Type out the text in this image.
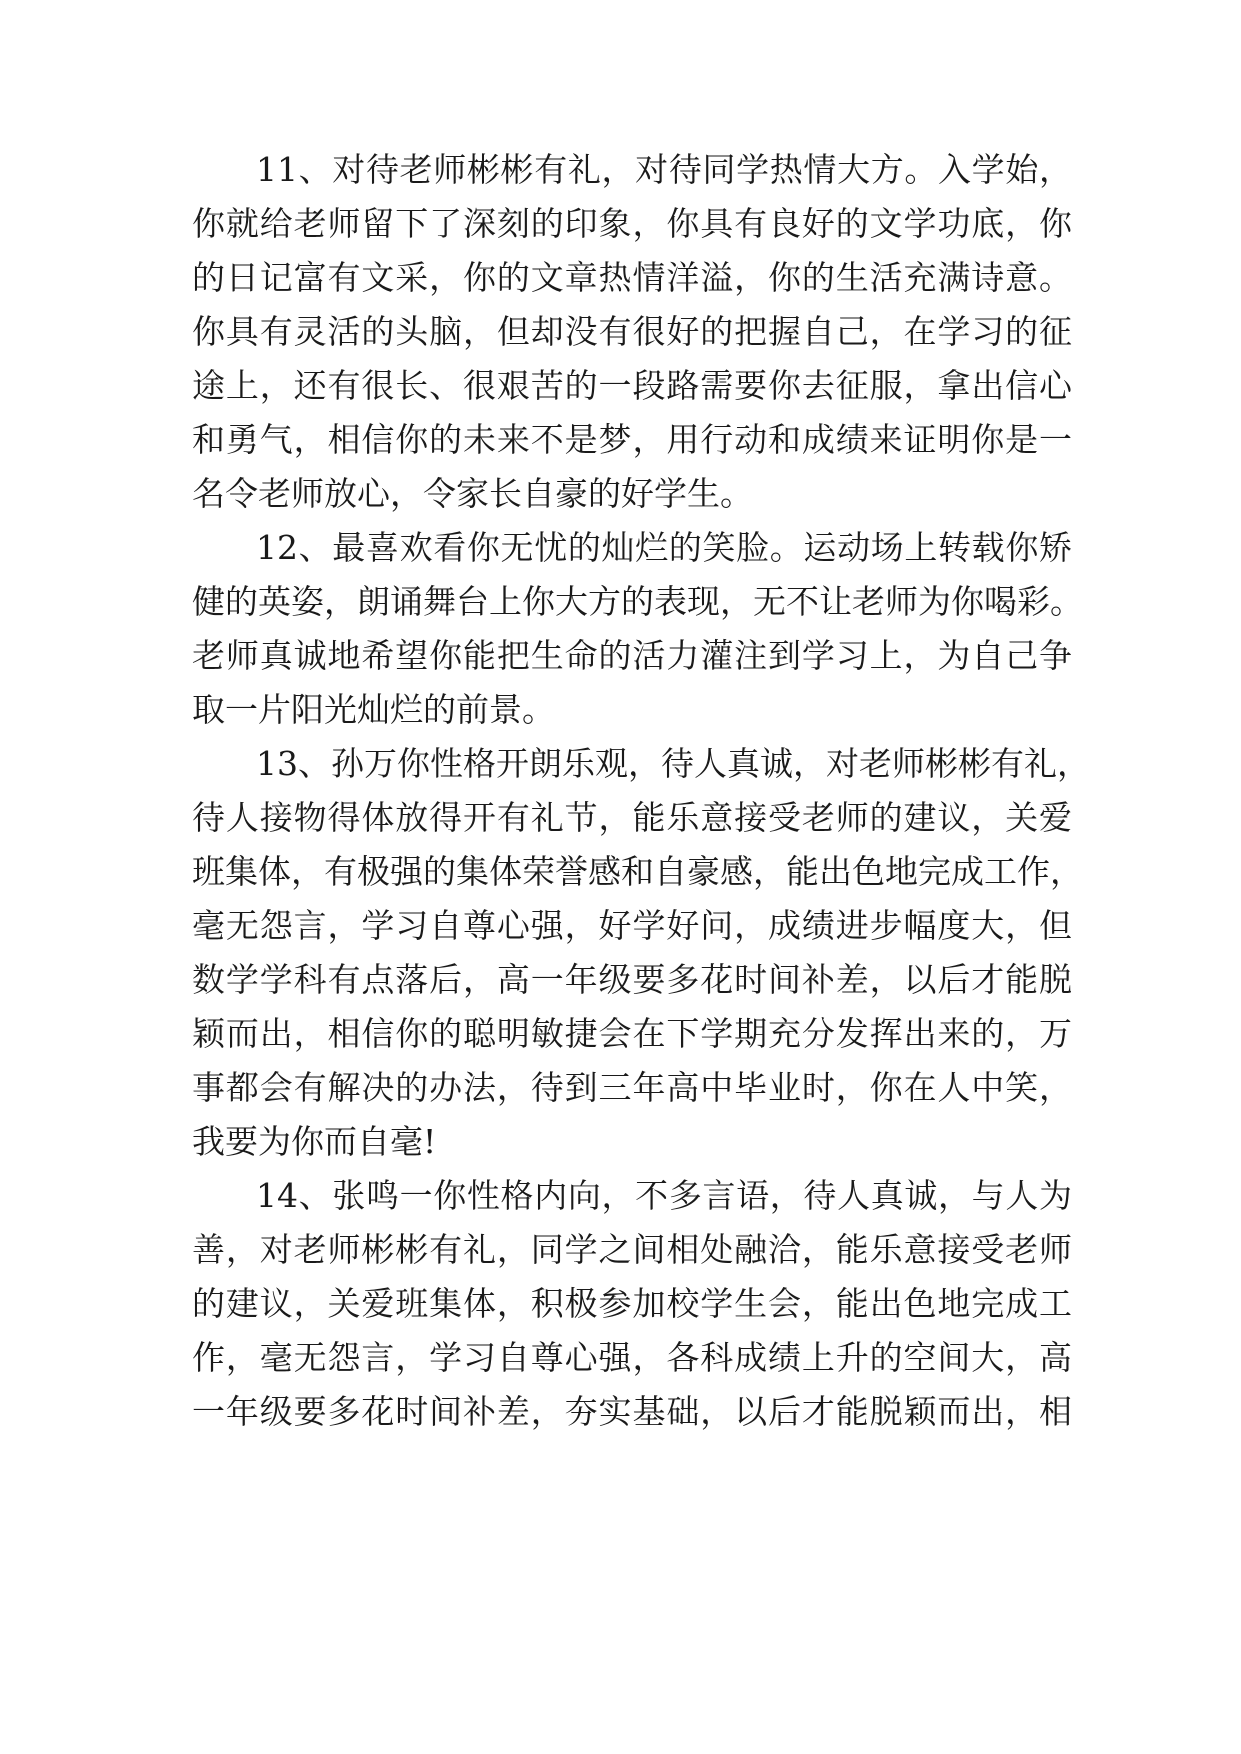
11、对待老师彬彬有礼，对待同学热情大方。入学始，
你就给老师留下了深刻的印象，你具有良好的文学功底，你
的日记富有文采，你的文章热情洋溢，你的生活充满诗意。
你具有灵活的头脑，但却没有很好的把握自己，在学习的征
途上，还有很长、很艰苦的一段路需要你去征服，拿出信心
和勇气，相信你的未来不是梦，用行动和成绩来证明你是一
名令老师放心，令家长自豪的好学生。
12、最喜欢看你无忧的灿烂的笑脸。运动场上转载你矫
健的英姿，朗诵舞台上你大方的表现，无不让老师为你喝彩。
老师真诚地希望你能把生命的活力灌注到学习上，为自己争
取一片阳光灿烂的前景。
13、孙万你性格开朗乐观，待人真诚，对老师彬彬有礼，
待人接物得体放得开有礼节，能乐意接受老师的建议，关爱
班集体，有极强的集体荣誉感和自豪感，能出色地完成工作，
毫无怨言，学习自尊心强，好学好问，成绩进步幅度大，但
数学学科有点落后，高一年级要多花时间补差，以后才能脱
颖而出，相信你的聪明敏捷会在下学期充分发挥出来的，万
事都会有解决的办法，待到三年高中毕业时，你在人中笑，
我要为你而自毫!
14、张鸣一你性格内向，不多言语，待人真诚，与人为
善，对老师彬彬有礼，同学之间相处融洽，能乐意接受老师
的建议，关爱班集体，积极参加校学生会，能出色地完成工
作，毫无怨言，学习自尊心强，各科成绩上升的空间大，高
一年级要多花时间补差，夯实基础，以后才能脱颖而出，相
